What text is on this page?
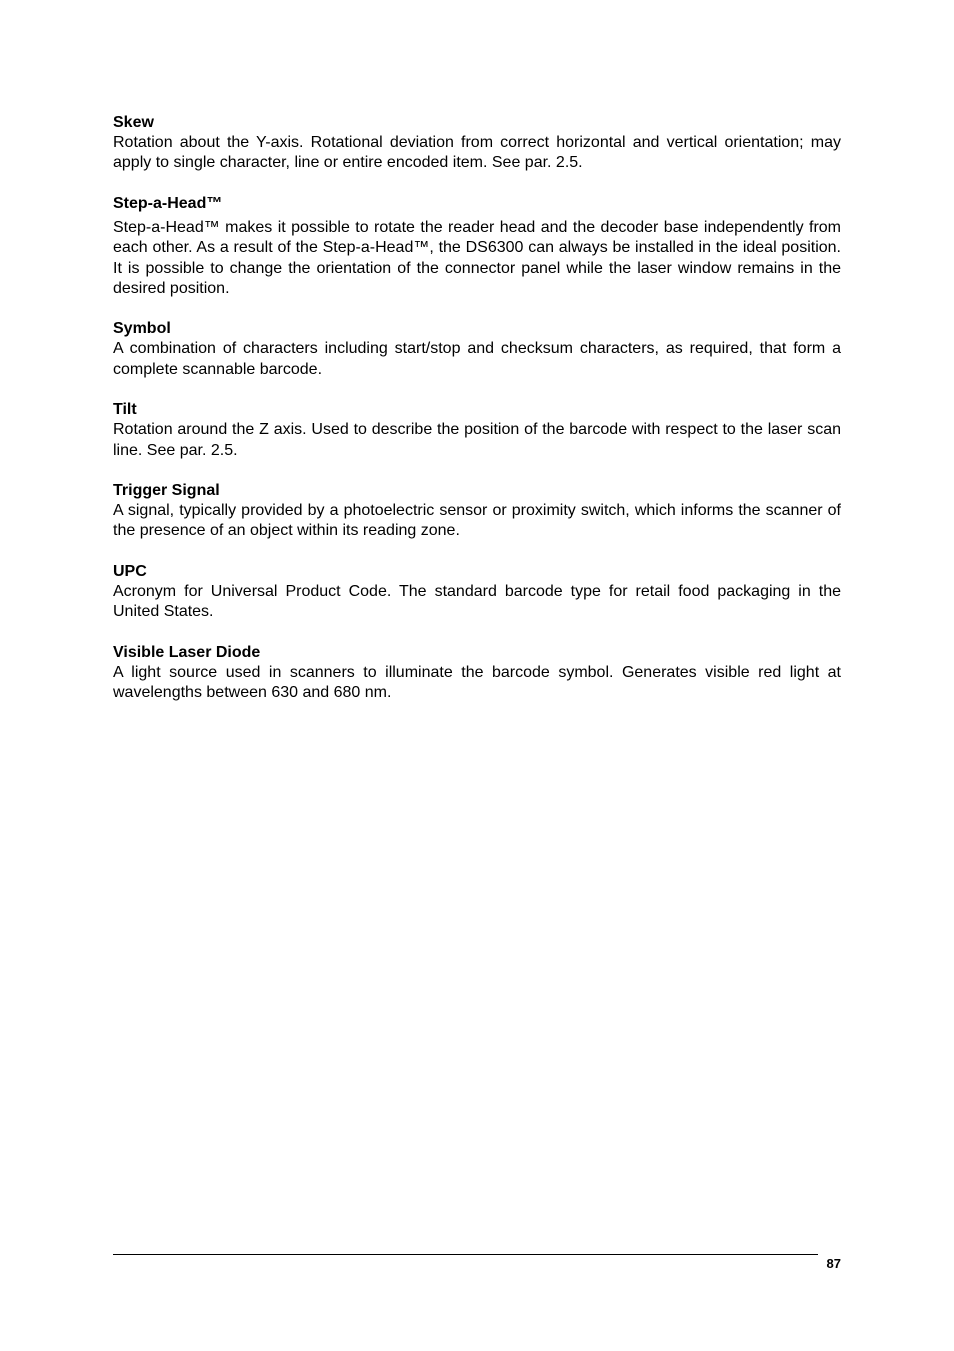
Skew

Rotation about the Y-axis. Rotational deviation from correct horizontal and vertical orientation; may apply to single character, line or entire encoded item. See par. 2.5.

Step-a-Head™

Step-a-Head™ makes it possible to rotate the reader head and the decoder base independently from each other. As a result of the Step-a-Head™, the DS6300 can always be installed in the ideal position. It is possible to change the orientation of the connector panel while the laser window remains in the desired position.

Symbol

A combination of characters including start/stop and checksum characters, as required, that form a complete scannable barcode.

Tilt

Rotation around the Z axis. Used to describe the position of the barcode with respect to the laser scan line. See par. 2.5.

Trigger Signal

A signal, typically provided by a photoelectric sensor or proximity switch, which informs the scanner of the presence of an object within its reading zone.

UPC

Acronym for Universal Product Code. The standard barcode type for retail food packaging in the United States.

Visible Laser Diode

A light source used in scanners to illuminate the barcode symbol. Generates visible red light at wavelengths between 630 and 680 nm.

87
